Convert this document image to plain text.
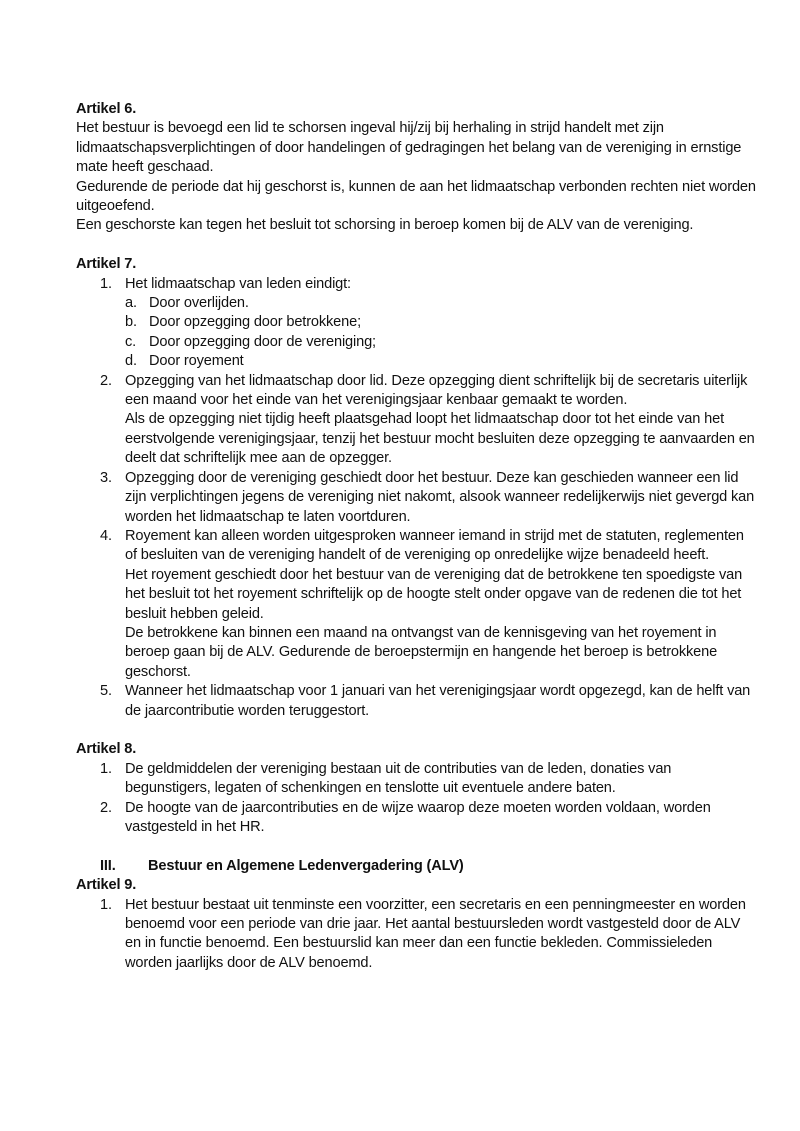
Artikel 6.

Het bestuur is bevoegd een lid te schorsen ingeval hij/zij bij herhaling in strijd handelt met zijn lidmaatschapsverplichtingen of door handelingen of gedragingen het belang van de vereniging in ernstige mate heeft geschaad.

Gedurende de periode dat hij geschorst is, kunnen de aan het lidmaatschap verbonden rechten niet worden uitgeoefend.

Een geschorste kan tegen het besluit tot schorsing in beroep komen bij de ALV van de vereniging.

Artikel 7.
1. Het lidmaatschap van leden eindigt:
a. Door overlijden.
b. Door opzegging door betrokkene;
c. Door opzegging door de vereniging;
d. Door royement
2. Opzegging van het lidmaatschap door lid. Deze opzegging dient schriftelijk bij de secretaris uiterlijk een maand voor het einde van het verenigingsjaar kenbaar gemaakt te worden.
Als de opzegging niet tijdig heeft plaatsgehad loopt het lidmaatschap door tot het einde van het eerstvolgende verenigingsjaar, tenzij het bestuur mocht besluiten deze opzegging te aanvaarden en deelt dat schriftelijk mee aan de opzegger.
3. Opzegging door de vereniging geschiedt door het bestuur. Deze kan geschieden wanneer een lid zijn verplichtingen jegens de vereniging niet nakomt, alsook wanneer redelijkerwijs niet gevergd kan worden het lidmaatschap te laten voortduren.
4. Royement kan alleen worden uitgesproken wanneer iemand in strijd met de statuten, reglementen of besluiten van de vereniging handelt of de vereniging op onredelijke wijze benadeeld heeft.
Het royement geschiedt door het bestuur van de vereniging dat de betrokkene ten spoedigste van het besluit tot het royement schriftelijk op de hoogte stelt onder opgave van de redenen die tot het besluit hebben geleid.
De betrokkene kan binnen een maand na ontvangst van de kennisgeving van het royement in beroep gaan bij de ALV. Gedurende de beroepstermijn en hangende het beroep is betrokkene geschorst.
5. Wanneer het lidmaatschap voor 1 januari van het verenigingsjaar wordt opgezegd, kan de helft van de jaarcontributie worden teruggestort.
Artikel 8.
1. De geldmiddelen der vereniging bestaan uit de contributies van de leden, donaties van begunstigers, legaten of schenkingen en tenslotte uit eventuele andere baten.
2. De hoogte van de jaarcontributies en de wijze waarop deze moeten worden voldaan, worden vastgesteld in het HR.
III. Bestuur en Algemene Ledenvergadering (ALV)
Artikel 9.
1. Het bestuur bestaat uit tenminste een voorzitter, een secretaris en een penningmeester en worden benoemd voor een periode van drie jaar. Het aantal bestuursleden wordt vastgesteld door de ALV en in functie benoemd. Een bestuurslid kan meer dan een functie bekleden. Commissieleden worden jaarlijks door de ALV benoemd.
